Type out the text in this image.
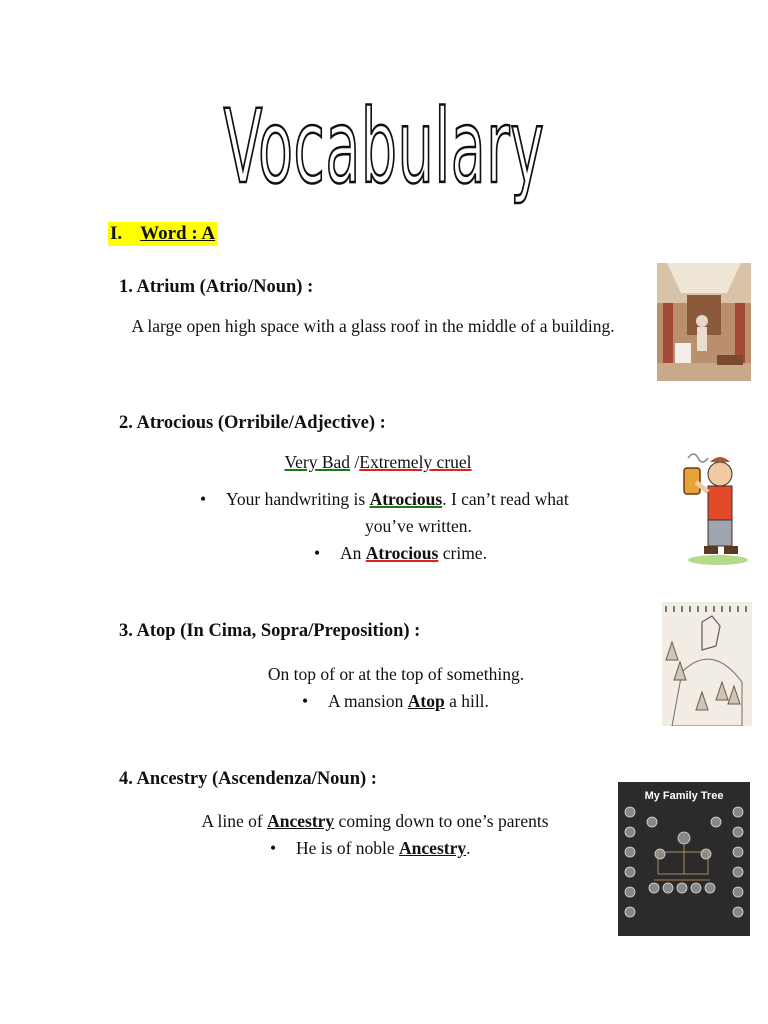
Vocabulary
I. Word : A
1. Atrium (Atrio/Noun) :
A large open high space with a glass roof in the middle of a building.
2. Atrocious (Orribile/Adjective) :
Very Bad /Extremely cruel
• Your handwriting is Atrocious. I can’t read what
you’ve written.
• An Atrocious crime.
3. Atop (In Cima, Sopra/Preposition) :
On top of or at the top of something.
• A mansion Atop a hill.
4. Ancestry (Ascendenza/Noun) :
A line of Ancestry coming down to one’s parents
• He is of noble Ancestry.
My Family Tree
